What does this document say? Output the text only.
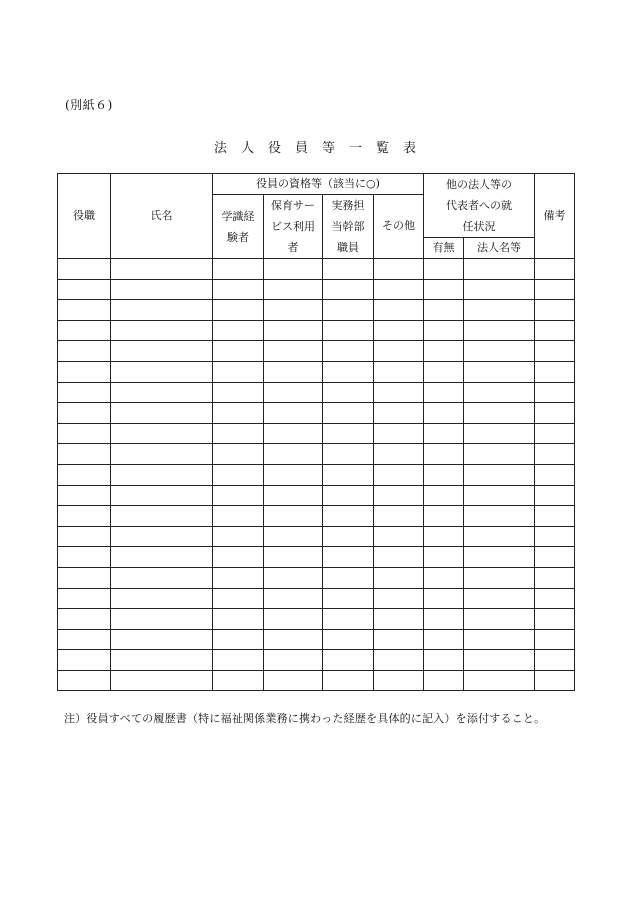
(別紙６)
法 人 役 員 等 一 覧 表
役職	氏名	役員の資格等（該当に○)				他の法人等の代表者への就任状況		備考

		学識経験者	保育サービス利用者	実務担当幹部職員	その他			
						有無	法人名等	

注）役員すべての履歴書（特に福祉関係業務に携わった経歴を具体的に記入）を添付すること。
